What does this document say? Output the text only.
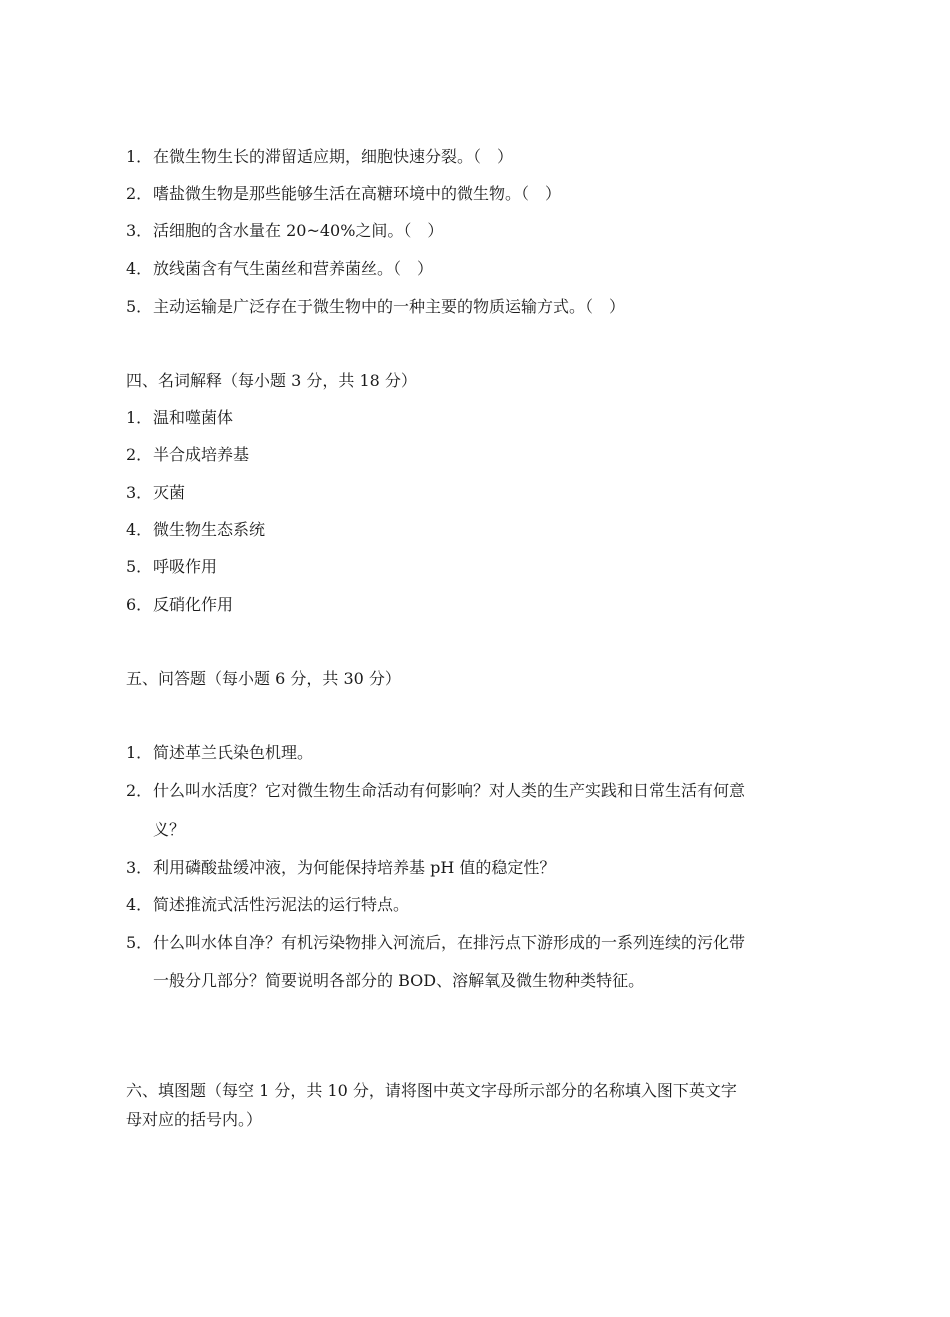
1．在微生物生长的滞留适应期，细胞快速分裂。（　）
2．嗜盐微生物是那些能够生活在高糖环境中的微生物。（　）
3．活细胞的含水量在 20~40%之间。（　）
4．放线菌含有气生菌丝和营养菌丝。（　）
5．主动运输是广泛存在于微生物中的一种主要的物质运输方式。（　）
四、名词解释（每小题 3 分，共 18 分）
1．温和噬菌体
2．半合成培养基
3．灭菌
4．微生物生态系统
5．呼吸作用
6．反硝化作用
五、问答题（每小题 6 分，共 30 分）
1．简述革兰氏染色机理。
2．什么叫水活度？它对微生物生命活动有何影响？对人类的生产实践和日常生活有何意
义？
3．利用磷酸盐缓冲液，为何能保持培养基 pH 值的稳定性？
4．简述推流式活性污泥法的运行特点。
5．什么叫水体自净？有机污染物排入河流后，在排污点下游形成的一系列连续的污化带
一般分几部分？简要说明各部分的 BOD、溶解氧及微生物种类特征。
六、填图题（每空 1 分，共 10 分，请将图中英文字母所示部分的名称填入图下英文字
母对应的括号内。）
